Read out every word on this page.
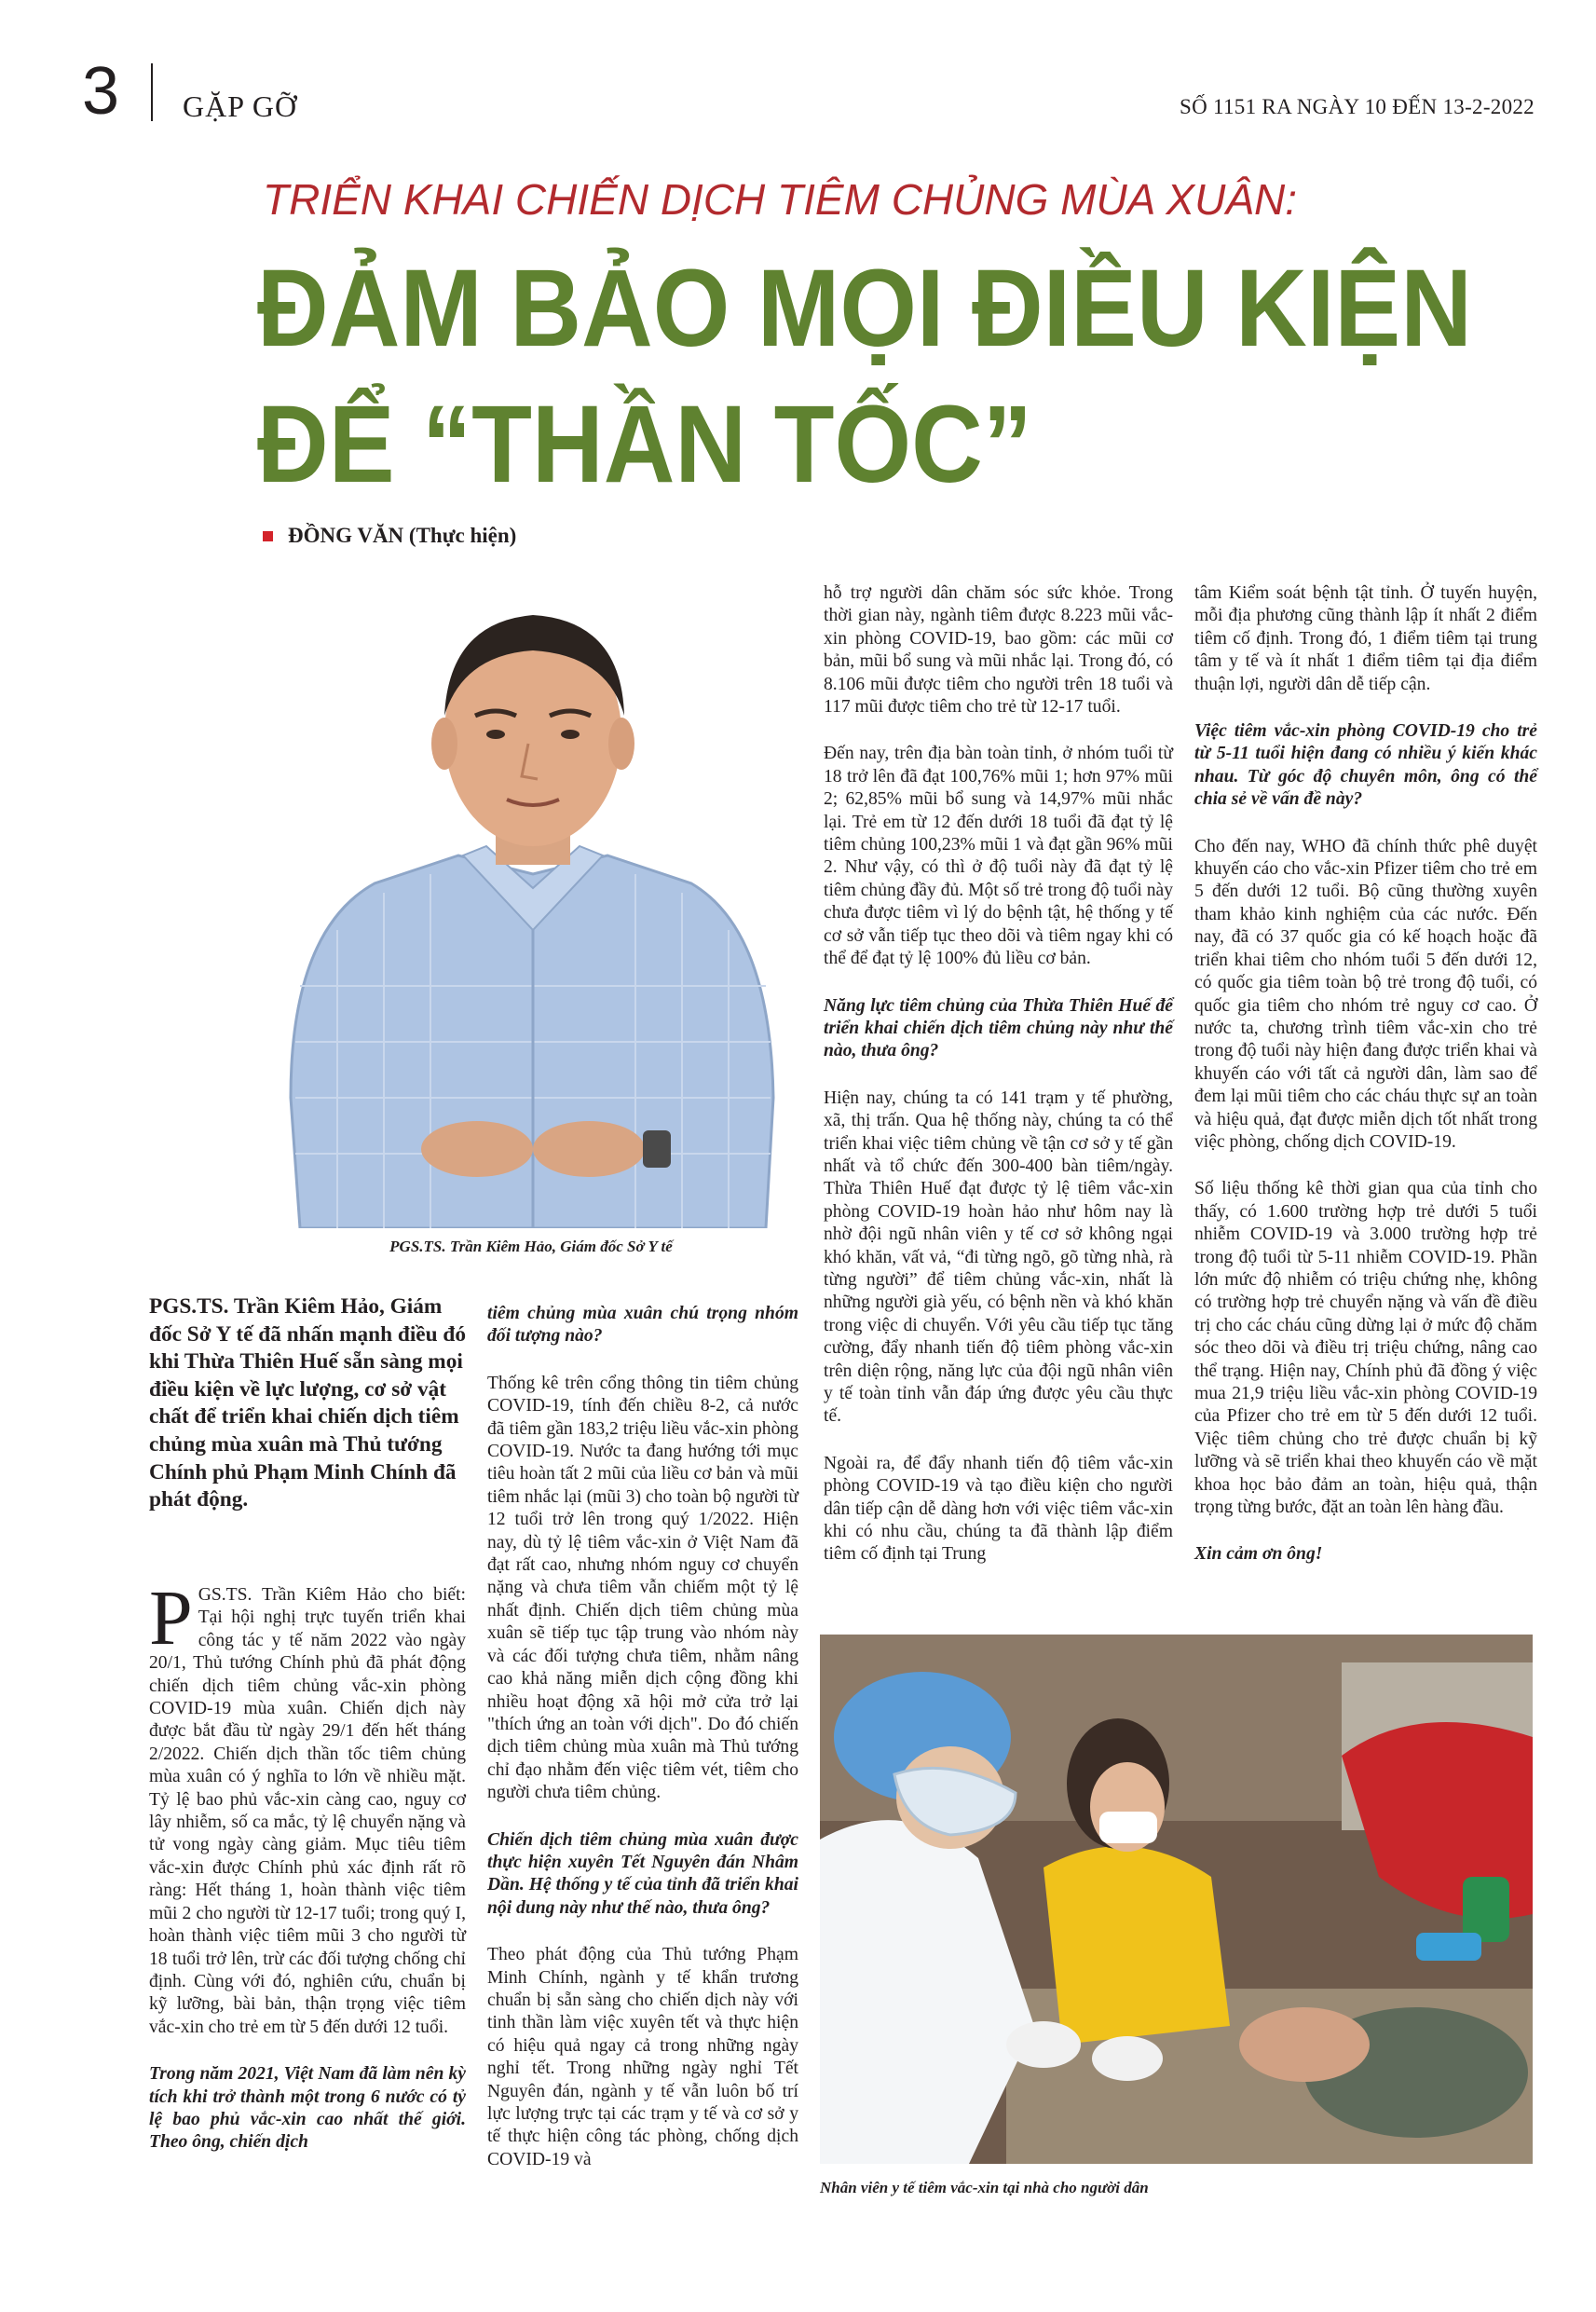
3 GẶP GỠ	SỐ 1151 RA NGÀY 10 ĐẾN 13-2-2022
TRIỂN KHAI CHIẾN DỊCH TIÊM CHỦNG MÙA XUÂN:
ĐẢM BẢO MỌI ĐIỀU KIỆN
ĐỂ “THẦN TỐC”
ĐỒNG VĂN (Thực hiện)
PGS.TS. Trần Kiêm Hảo, Giám đốc Sở Y tế
PGS.TS. Trần Kiêm Hảo, Giám đốc Sở Y tế đã nhấn mạnh điều đó khi Thừa Thiên Huế sẵn sàng mọi điều kiện về lực lượng, cơ sở vật chất để triển khai chiến dịch tiêm chủng mùa xuân mà Thủ tướng Chính phủ Phạm Minh Chính đã phát động.

P GS.TS. Trần Kiêm Hảo cho biết: Tại hội nghị trực tuyến triển khai công tác y tế năm 2022 vào ngày 20/1, Thủ tướng Chính phủ đã phát động chiến dịch tiêm chủng vắc-xin phòng COVID-19 mùa xuân. Chiến dịch này được bắt đầu từ ngày 29/1 đến hết tháng 2/2022. Chiến dịch thần tốc tiêm chủng mùa xuân có ý nghĩa to lớn về nhiều mặt. Tỷ lệ bao phủ vắc-xin càng cao, nguy cơ lây nhiễm, số ca mắc, tỷ lệ chuyển nặng và tử vong ngày càng giảm. Mục tiêu tiêm vắc-xin được Chính phủ xác định rất rõ ràng: Hết tháng 1, hoàn thành việc tiêm mũi 2 cho người từ 12-17 tuổi; trong quý I, hoàn thành việc tiêm mũi 3 cho người từ 18 tuổi trở lên, trừ các đối tượng chống chỉ định. Cùng với đó, nghiên cứu, chuẩn bị kỹ lưỡng, bài bản, thận trọng việc tiêm vắc-xin cho trẻ em từ 5 đến dưới 12 tuổi.

Trong năm 2021, Việt Nam đã làm nên kỳ tích khi trở thành một trong 6 nước có tỷ lệ bao phủ vắc-xin cao nhất thế giới. Theo ông, chiến dịch

tiêm chủng mùa xuân chú trọng nhóm đối tượng nào?

Thống kê trên cổng thông tin tiêm chủng COVID-19, tính đến chiều 8-2, cả nước đã tiêm gần 183,2 triệu liều vắc-xin phòng COVID-19. Nước ta đang hướng tới mục tiêu hoàn tất 2 mũi của liều cơ bản và mũi tiêm nhắc lại (mũi 3) cho toàn bộ người từ 12 tuổi trở lên trong quý 1/2022. Hiện nay, dù tỷ lệ tiêm vắc-xin ở Việt Nam đã đạt rất cao, nhưng nhóm nguy cơ chuyển nặng và chưa tiêm vẫn chiếm một tỷ lệ nhất định. Chiến dịch tiêm chủng mùa xuân sẽ tiếp tục tập trung vào nhóm này và các đối tượng chưa tiêm, nhằm nâng cao khả năng miễn dịch cộng đồng khi nhiều hoạt động xã hội mở cửa trở lại "thích ứng an toàn với dịch". Do đó chiến dịch tiêm chủng mùa xuân mà Thủ tướng chỉ đạo nhằm đến việc tiêm vét, tiêm cho người chưa tiêm chủng.

Chiến dịch tiêm chủng mùa xuân được thực hiện xuyên Tết Nguyên đán Nhâm Dần. Hệ thống y tế của tỉnh đã triển khai nội dung này như thế nào, thưa ông?

Theo phát động của Thủ tướng Phạm Minh Chính, ngành y tế khẩn trương chuẩn bị sẵn sàng cho chiến dịch này với tinh thần làm việc xuyên tết và thực hiện có hiệu quả ngay cả trong những ngày nghỉ tết. Trong những ngày nghỉ Tết Nguyên đán, ngành y tế vẫn luôn bố trí lực lượng trực tại các trạm y tế và cơ sở y tế thực hiện công tác phòng, chống dịch COVID-19 và

hỗ trợ người dân chăm sóc sức khỏe. Trong thời gian này, ngành tiêm được 8.223 mũi vắc-xin phòng COVID-19, bao gồm: các mũi cơ bản, mũi bổ sung và mũi nhắc lại. Trong đó, có 8.106 mũi được tiêm cho người trên 18 tuổi và 117 mũi được tiêm cho trẻ từ 12-17 tuổi.

Đến nay, trên địa bàn toàn tỉnh, ở nhóm tuổi từ 18 trở lên đã đạt 100,76% mũi 1; hơn 97% mũi 2; 62,85% mũi bổ sung và 14,97% mũi nhắc lại. Trẻ em từ 12 đến dưới 18 tuổi đã đạt tỷ lệ tiêm chủng 100,23% mũi 1 và đạt gần 96% mũi 2. Như vậy, có thì ở độ tuổi này đã đạt tỷ lệ tiêm chủng đầy đủ. Một số trẻ trong độ tuổi này chưa được tiêm vì lý do bệnh tật, hệ thống y tế cơ sở vẫn tiếp tục theo dõi và tiêm ngay khi có thể để đạt tỷ lệ 100% đủ liều cơ bản.

Năng lực tiêm chủng của Thừa Thiên Huế để triển khai chiến dịch tiêm chủng này như thế nào, thưa ông?

Hiện nay, chúng ta có 141 trạm y tế phường, xã, thị trấn. Qua hệ thống này, chúng ta có thể triển khai việc tiêm chủng về tận cơ sở y tế gần nhất và tổ chức đến 300-400 bàn tiêm/ngày. Thừa Thiên Huế đạt được tỷ lệ tiêm vắc-xin phòng COVID-19 hoàn hảo như hôm nay là nhờ đội ngũ nhân viên y tế cơ sở không ngại khó khăn, vất vả, “đi từng ngõ, gõ từng nhà, rà từng người” để tiêm chủng vắc-xin, nhất là những người già yếu, có bệnh nền và khó khăn trong việc di chuyển. Với yêu cầu tiếp tục tăng cường, đẩy nhanh tiến độ tiêm phòng vắc-xin trên diện rộng, năng lực của đội ngũ nhân viên y tế toàn tỉnh vẫn đáp ứng được yêu cầu thực tế.

Ngoài ra, để đẩy nhanh tiến độ tiêm vắc-xin phòng COVID-19 và tạo điều kiện cho người dân tiếp cận dễ dàng hơn với việc tiêm vắc-xin khi có nhu cầu, chúng ta đã thành lập điểm tiêm cố định tại Trung

tâm Kiểm soát bệnh tật tỉnh. Ở tuyến huyện, mỗi địa phương cũng thành lập ít nhất 2 điểm tiêm cố định. Trong đó, 1 điểm tiêm tại trung tâm y tế và ít nhất 1 điểm tiêm tại địa điểm thuận lợi, người dân dễ tiếp cận.

Việc tiêm vắc-xin phòng COVID-19 cho trẻ từ 5-11 tuổi hiện đang có nhiều ý kiến khác nhau. Từ góc độ chuyên môn, ông có thể chia sẻ về vấn đề này?

Cho đến nay, WHO đã chính thức phê duyệt khuyến cáo cho vắc-xin Pfizer tiêm cho trẻ em 5 đến dưới 12 tuổi. Bộ cũng thường xuyên tham khảo kinh nghiệm của các nước. Đến nay, đã có 37 quốc gia có kế hoạch hoặc đã triển khai tiêm cho nhóm tuổi 5 đến dưới 12, có quốc gia tiêm toàn bộ trẻ trong độ tuổi, có quốc gia tiêm cho nhóm trẻ nguy cơ cao. Ở nước ta, chương trình tiêm vắc-xin cho trẻ trong độ tuổi này hiện đang được triển khai và khuyến cáo với tất cả người dân, làm sao để đem lại mũi tiêm cho các cháu thực sự an toàn và hiệu quả, đạt được miễn dịch tốt nhất trong việc phòng, chống dịch COVID-19.

Số liệu thống kê thời gian qua của tỉnh cho thấy, có 1.600 trường hợp trẻ dưới 5 tuổi nhiễm COVID-19 và 3.000 trường hợp trẻ trong độ tuổi từ 5-11 nhiễm COVID-19. Phần lớn mức độ nhiễm có triệu chứng nhẹ, không có trường hợp trẻ chuyển nặng và vấn đề điều trị cho các cháu cũng dừng lại ở mức độ chăm sóc theo dõi và điều trị triệu chứng, nâng cao thể trạng. Hiện nay, Chính phủ đã đồng ý việc mua 21,9 triệu liều vắc-xin phòng COVID-19 của Pfizer cho trẻ em từ 5 đến dưới 12 tuổi. Việc tiêm chủng cho trẻ được chuẩn bị kỹ lưỡng và sẽ triển khai theo khuyến cáo về mặt khoa học bảo đảm an toàn, hiệu quả, thận trọng từng bước, đặt an toàn lên hàng đầu.

Xin cảm ơn ông!

Nhân viên y tế tiêm vắc-xin tại nhà cho người dân
